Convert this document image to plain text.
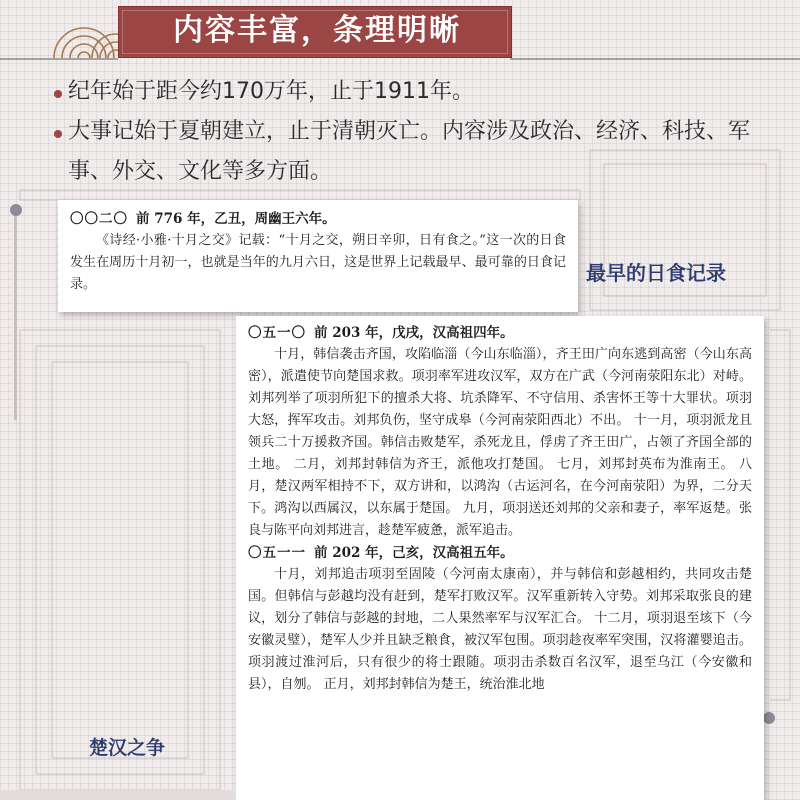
内容丰富，条理明晰
纪年始于距今约170万年，止于1911年。
大事记始于夏朝建立，止于清朝灭亡。内容涉及政治、经济、科技、军事、外交、文化等多方面。
〇〇二〇 前 776 年，乙丑，周幽王六年。

《诗经·小雅·十月之交》记载：“十月之交，朔日辛卯，日有食之。”这一次的日食发生在周历十月初一，也就是当年的九月六日，这是世界上记载最早、最可靠的日食记录。	最早的日食记录
〇五一〇 前 203 年，戊戌，汉高祖四年。

十月，韩信袭击齐国，攻陷临淄（今山东临淄），齐王田广向东逃到高密（今山东高密），派遣使节向楚国求救。项羽率军进攻汉军，双方在广武（今河南荥阳东北）对峙。刘邦列举了项羽所犯下的擅杀大将、坑杀降军、不守信用、杀害怀王等十大罪状。项羽大怒，挥军攻击。刘邦负伤，坚守成皋（今河南荥阳西北）不出。 十一月，项羽派龙且领兵二十万援救齐国。韩信击败楚军，杀死龙且，俘虏了齐王田广，占领了齐国全部的土地。 二月，刘邦封韩信为齐王，派他攻打楚国。 七月，刘邦封英布为淮南王。 八月，楚汉两军相持不下，双方讲和，以鸿沟（古运河名，在今河南荥阳）为界，二分天下。鸿沟以西属汉，以东属于楚国。 九月，项羽送还刘邦的父亲和妻子，率军返楚。张良与陈平向刘邦进言，趁楚军疲惫，派军追击。

〇五一一 前 202 年，己亥，汉高祖五年。

十月，刘邦追击项羽至固陵（今河南太康南），并与韩信和彭越相约，共同攻击楚国。但韩信与彭越均没有赶到，楚军打败汉军。汉军重新转入守势。刘邦采取张良的建议，划分了韩信与彭越的封地，二人果然率军与汉军汇合。 十二月，项羽退至垓下（今安徽灵璧），楚军人少并且缺乏粮食，被汉军包围。项羽趁夜率军突围，汉将灌婴追击。项羽渡过淮河后，只有很少的将士跟随。项羽击杀数百名汉军，退至乌江（今安徽和县），自刎。 正月，刘邦封韩信为楚王，统治淮北地

楚汉之争
